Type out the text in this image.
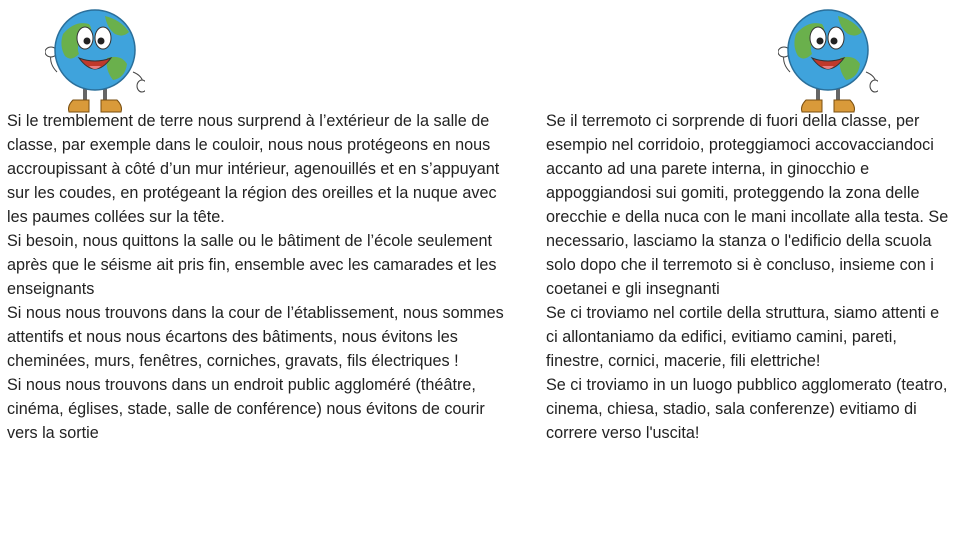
Si le tremblement de terre nous surprend à l’extérieur de la salle de classe, par exemple dans le couloir, nous nous protégeons en nous accroupissant à côté d’un mur intérieur, agenouillés et en s’appuyant sur les coudes, en protégeant la région des oreilles et la nuque avec les paumes collées sur la tête.
Si besoin, nous quittons la salle ou le bâtiment de l’école seulement après que le séisme ait pris fin, ensemble avec les camarades et les enseignants
Si nous nous trouvons dans la cour de l’établissement, nous sommes attentifs et nous nous écartons des bâtiments, nous évitons les cheminées, murs, fenêtres, corniches, gravats, fils électriques !
Si nous nous trouvons dans un endroit public aggloméré (théâtre, cinéma, églises, stade, salle de conférence) nous évitons de courir vers la sortie

Se il terremoto ci sorprende di fuori della classe, per esempio nel corridoio, proteggiamoci accovacciandoci accanto ad una parete interna, in ginocchio e appoggiandosi sui gomiti, proteggendo la zona delle orecchie e della nuca con le mani incollate alla testa. Se necessario, lasciamo la stanza o l'edificio della scuola solo dopo che il terremoto si è concluso, insieme con i coetanei e gli insegnanti
Se ci troviamo nel cortile della struttura, siamo attenti e ci allontaniamo da edifici, evitiamo camini, pareti, finestre, cornici, macerie, fili elettriche!
Se ci troviamo in un luogo pubblico agglomerato (teatro, cinema, chiesa, stadio, sala conferenze) evitiamo di correre verso l'uscita!
